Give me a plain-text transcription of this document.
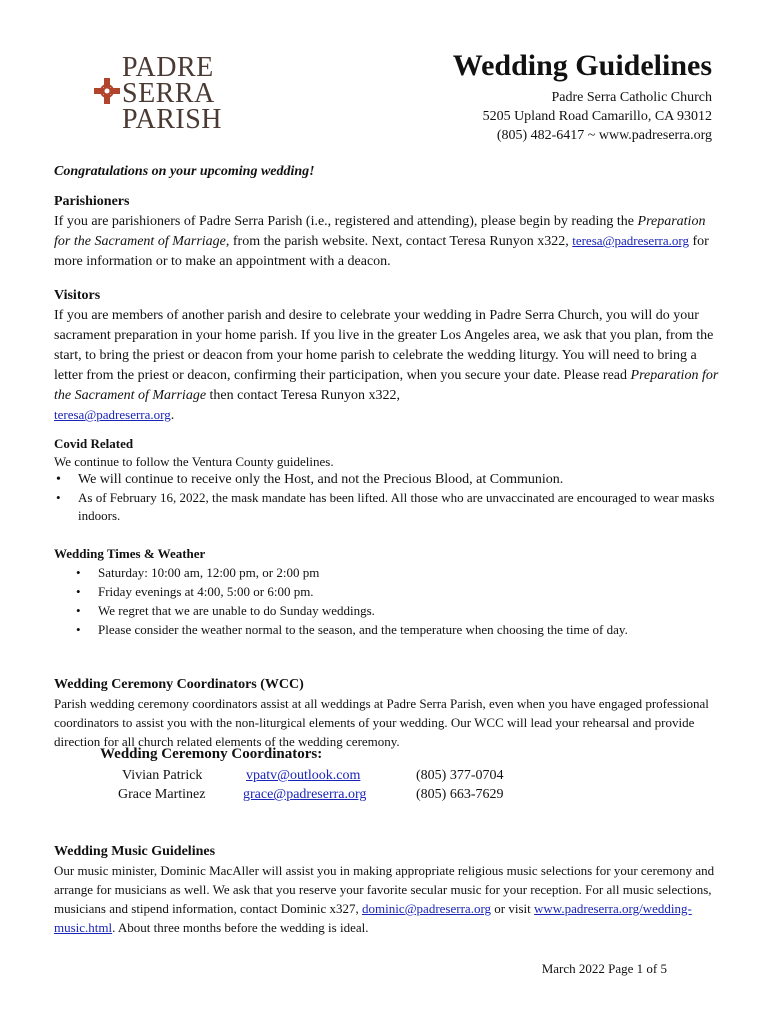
PADRE
SERRA
PARISH
Wedding Guidelines
Padre Serra Catholic Church
5205 Upland Road Camarillo, CA 93012
(805) 482-6417 ~ www.padreserra.org
Congratulations on your upcoming wedding!
Parishioners
If you are parishioners of Padre Serra Parish (i.e., registered and attending), please begin by reading the Preparation for the Sacrament of Marriage, from the parish website. Next, contact Teresa Runyon x322, teresa@padreserra.org for more information or to make an appointment with a deacon.
Visitors
If you are members of another parish and desire to celebrate your wedding in Padre Serra Church, you will do your sacrament preparation in your home parish. If you live in the greater Los Angeles area, we ask that you plan, from the start, to bring the priest or deacon from your home parish to celebrate the wedding liturgy. You will need to bring a letter from the priest or deacon, confirming their participation, when you secure your date. Please read Preparation for the Sacrament of Marriage then contact Teresa Runyon x322,
teresa@padreserra.org.
Covid Related
We continue to follow the Ventura County guidelines.
• We will continue to receive only the Host, and not the Precious Blood, at Communion.
• As of February 16, 2022, the mask mandate has been lifted. All those who are unvaccinated are encouraged to wear masks indoors.
Wedding Times & Weather
• Saturday: 10:00 am, 12:00 pm, or 2:00 pm
• Friday evenings at 4:00, 5:00 or 6:00 pm.
• We regret that we are unable to do Sunday weddings.
• Please consider the weather normal to the season, and the temperature when choosing the time of day.
Wedding Ceremony Coordinators (WCC)
Parish wedding ceremony coordinators assist at all weddings at Padre Serra Parish, even when you have engaged professional coordinators to assist you with the non-liturgical elements of your wedding. Our WCC will lead your rehearsal and provide direction for all church related elements of the wedding ceremony.
Wedding Ceremony Coordinators:
Vivian Patrick	vpatv@outlook.com	(805) 377-0704
Grace Martinez	grace@padreserra.org	(805) 663-7629
Wedding Music Guidelines
Our music minister, Dominic MacAller will assist you in making appropriate religious music selections for your ceremony and arrange for musicians as well. We ask that you reserve your favorite secular music for your reception. For all music selections, musicians and stipend information, contact Dominic x327, dominic@padreserra.org or visit www.padreserra.org/wedding-music.html. About three months before the wedding is ideal.
March 2022 Page 1 of 5
